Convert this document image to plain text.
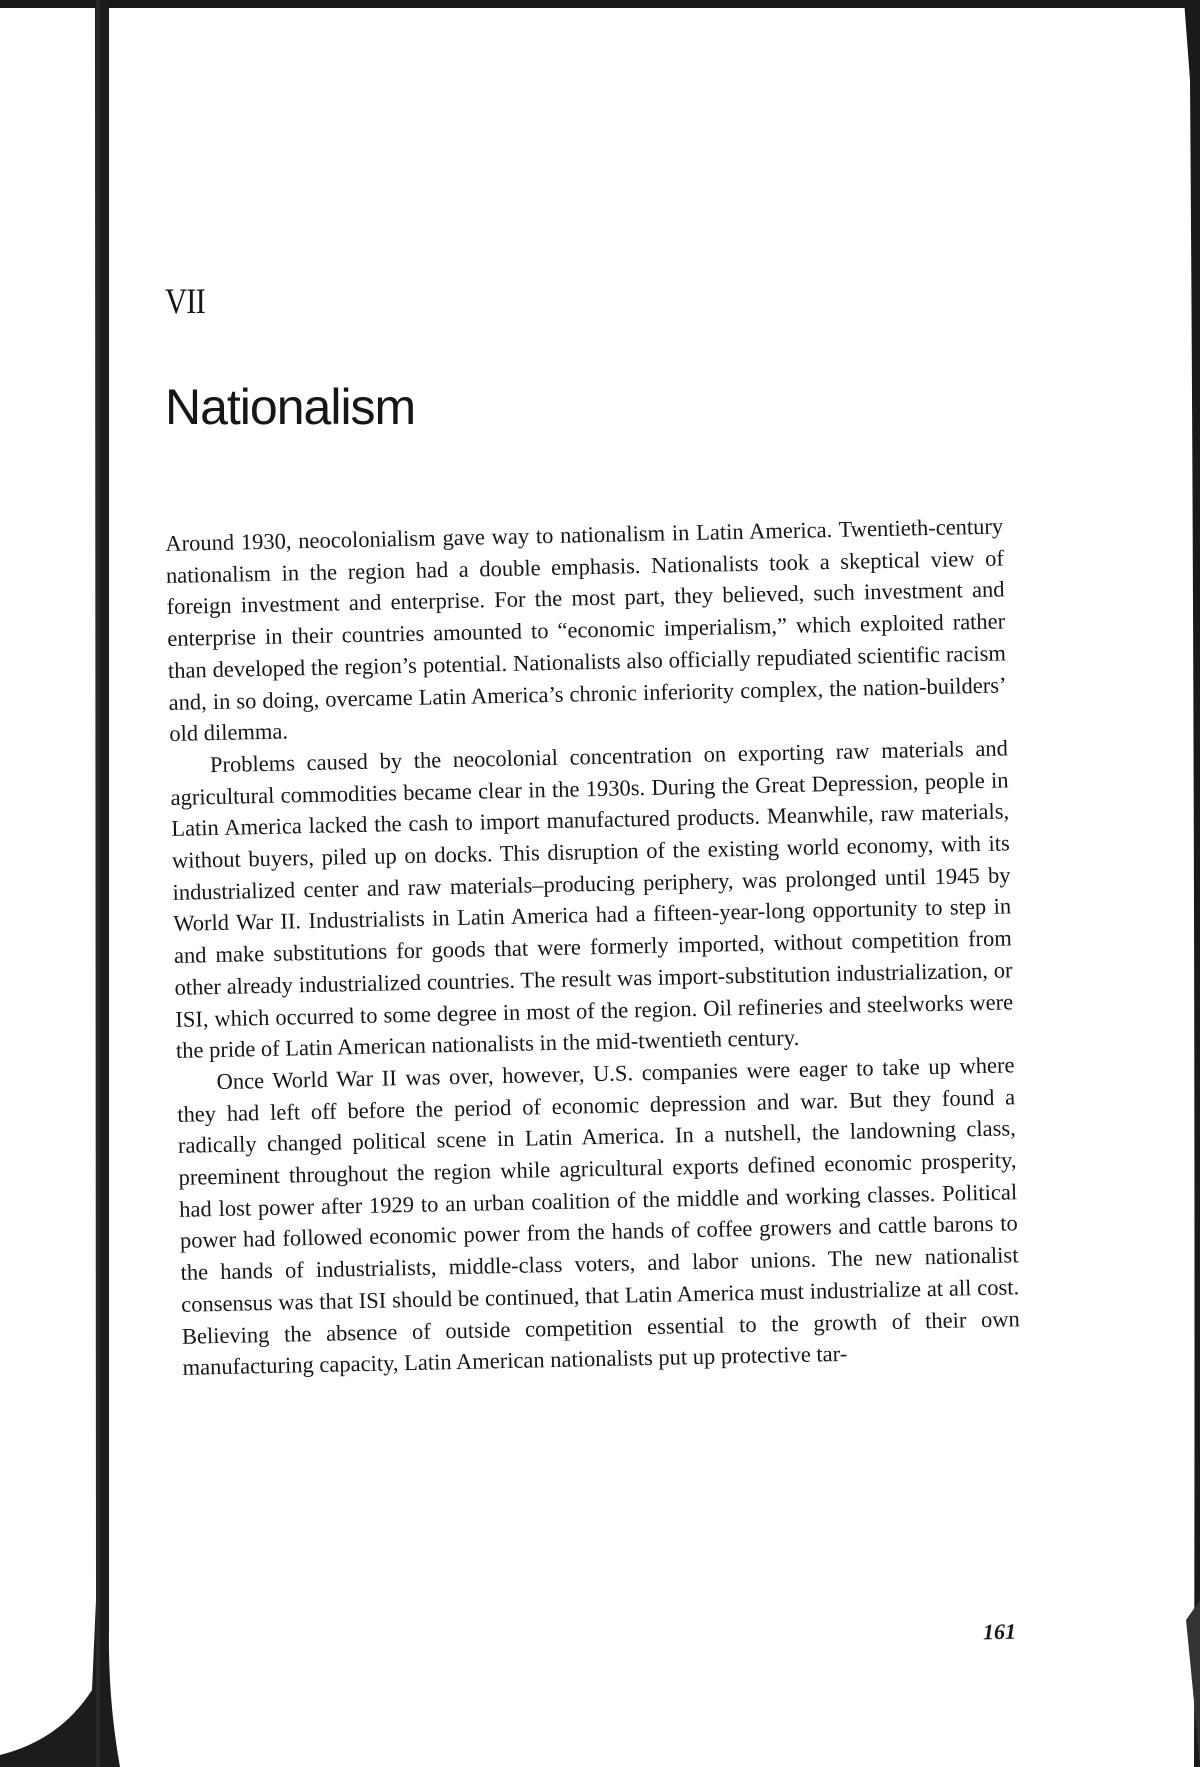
VII
Nationalism

Around 1930, neocolonialism gave way to nationalism in Latin America. Twentieth-century nationalism in the region had a double emphasis. Nationalists took a skeptical view of foreign investment and enterprise. For the most part, they believed, such investment and enterprise in their countries amounted to “economic imperialism,” which exploited rather than developed the region’s potential. Nationalists also officially repudiated scientific racism and, in so doing, overcame Latin America’s chronic inferiority complex, the nation-builders’ old dilemma.

Problems caused by the neocolonial concentration on exporting raw materials and agricultural commodities became clear in the 1930s. During the Great Depression, people in Latin America lacked the cash to import manufactured products. Meanwhile, raw materials, without buyers, piled up on docks. This disruption of the existing world economy, with its industrialized center and raw materials–producing periphery, was prolonged until 1945 by World War II. Industrialists in Latin America had a fifteen-year-long opportunity to step in and make substitutions for goods that were formerly imported, without competition from other already industrialized countries. The result was import-substitution industrialization, or ISI, which occurred to some degree in most of the region. Oil refineries and steelworks were the pride of Latin American nationalists in the mid-twentieth century.

Once World War II was over, however, U.S. companies were eager to take up where they had left off before the period of economic depression and war. But they found a radically changed political scene in Latin America. In a nutshell, the landowning class, preeminent throughout the region while agricultural exports defined economic prosperity, had lost power after 1929 to an urban coalition of the middle and working classes. Political power had followed economic power from the hands of coffee growers and cattle barons to the hands of industrialists, middle-class voters, and labor unions. The new nationalist consensus was that ISI should be continued, that Latin America must industrialize at all cost. Believing the absence of outside competition essential to the growth of their own manufacturing capacity, Latin American nationalists put up protective tar-

161
